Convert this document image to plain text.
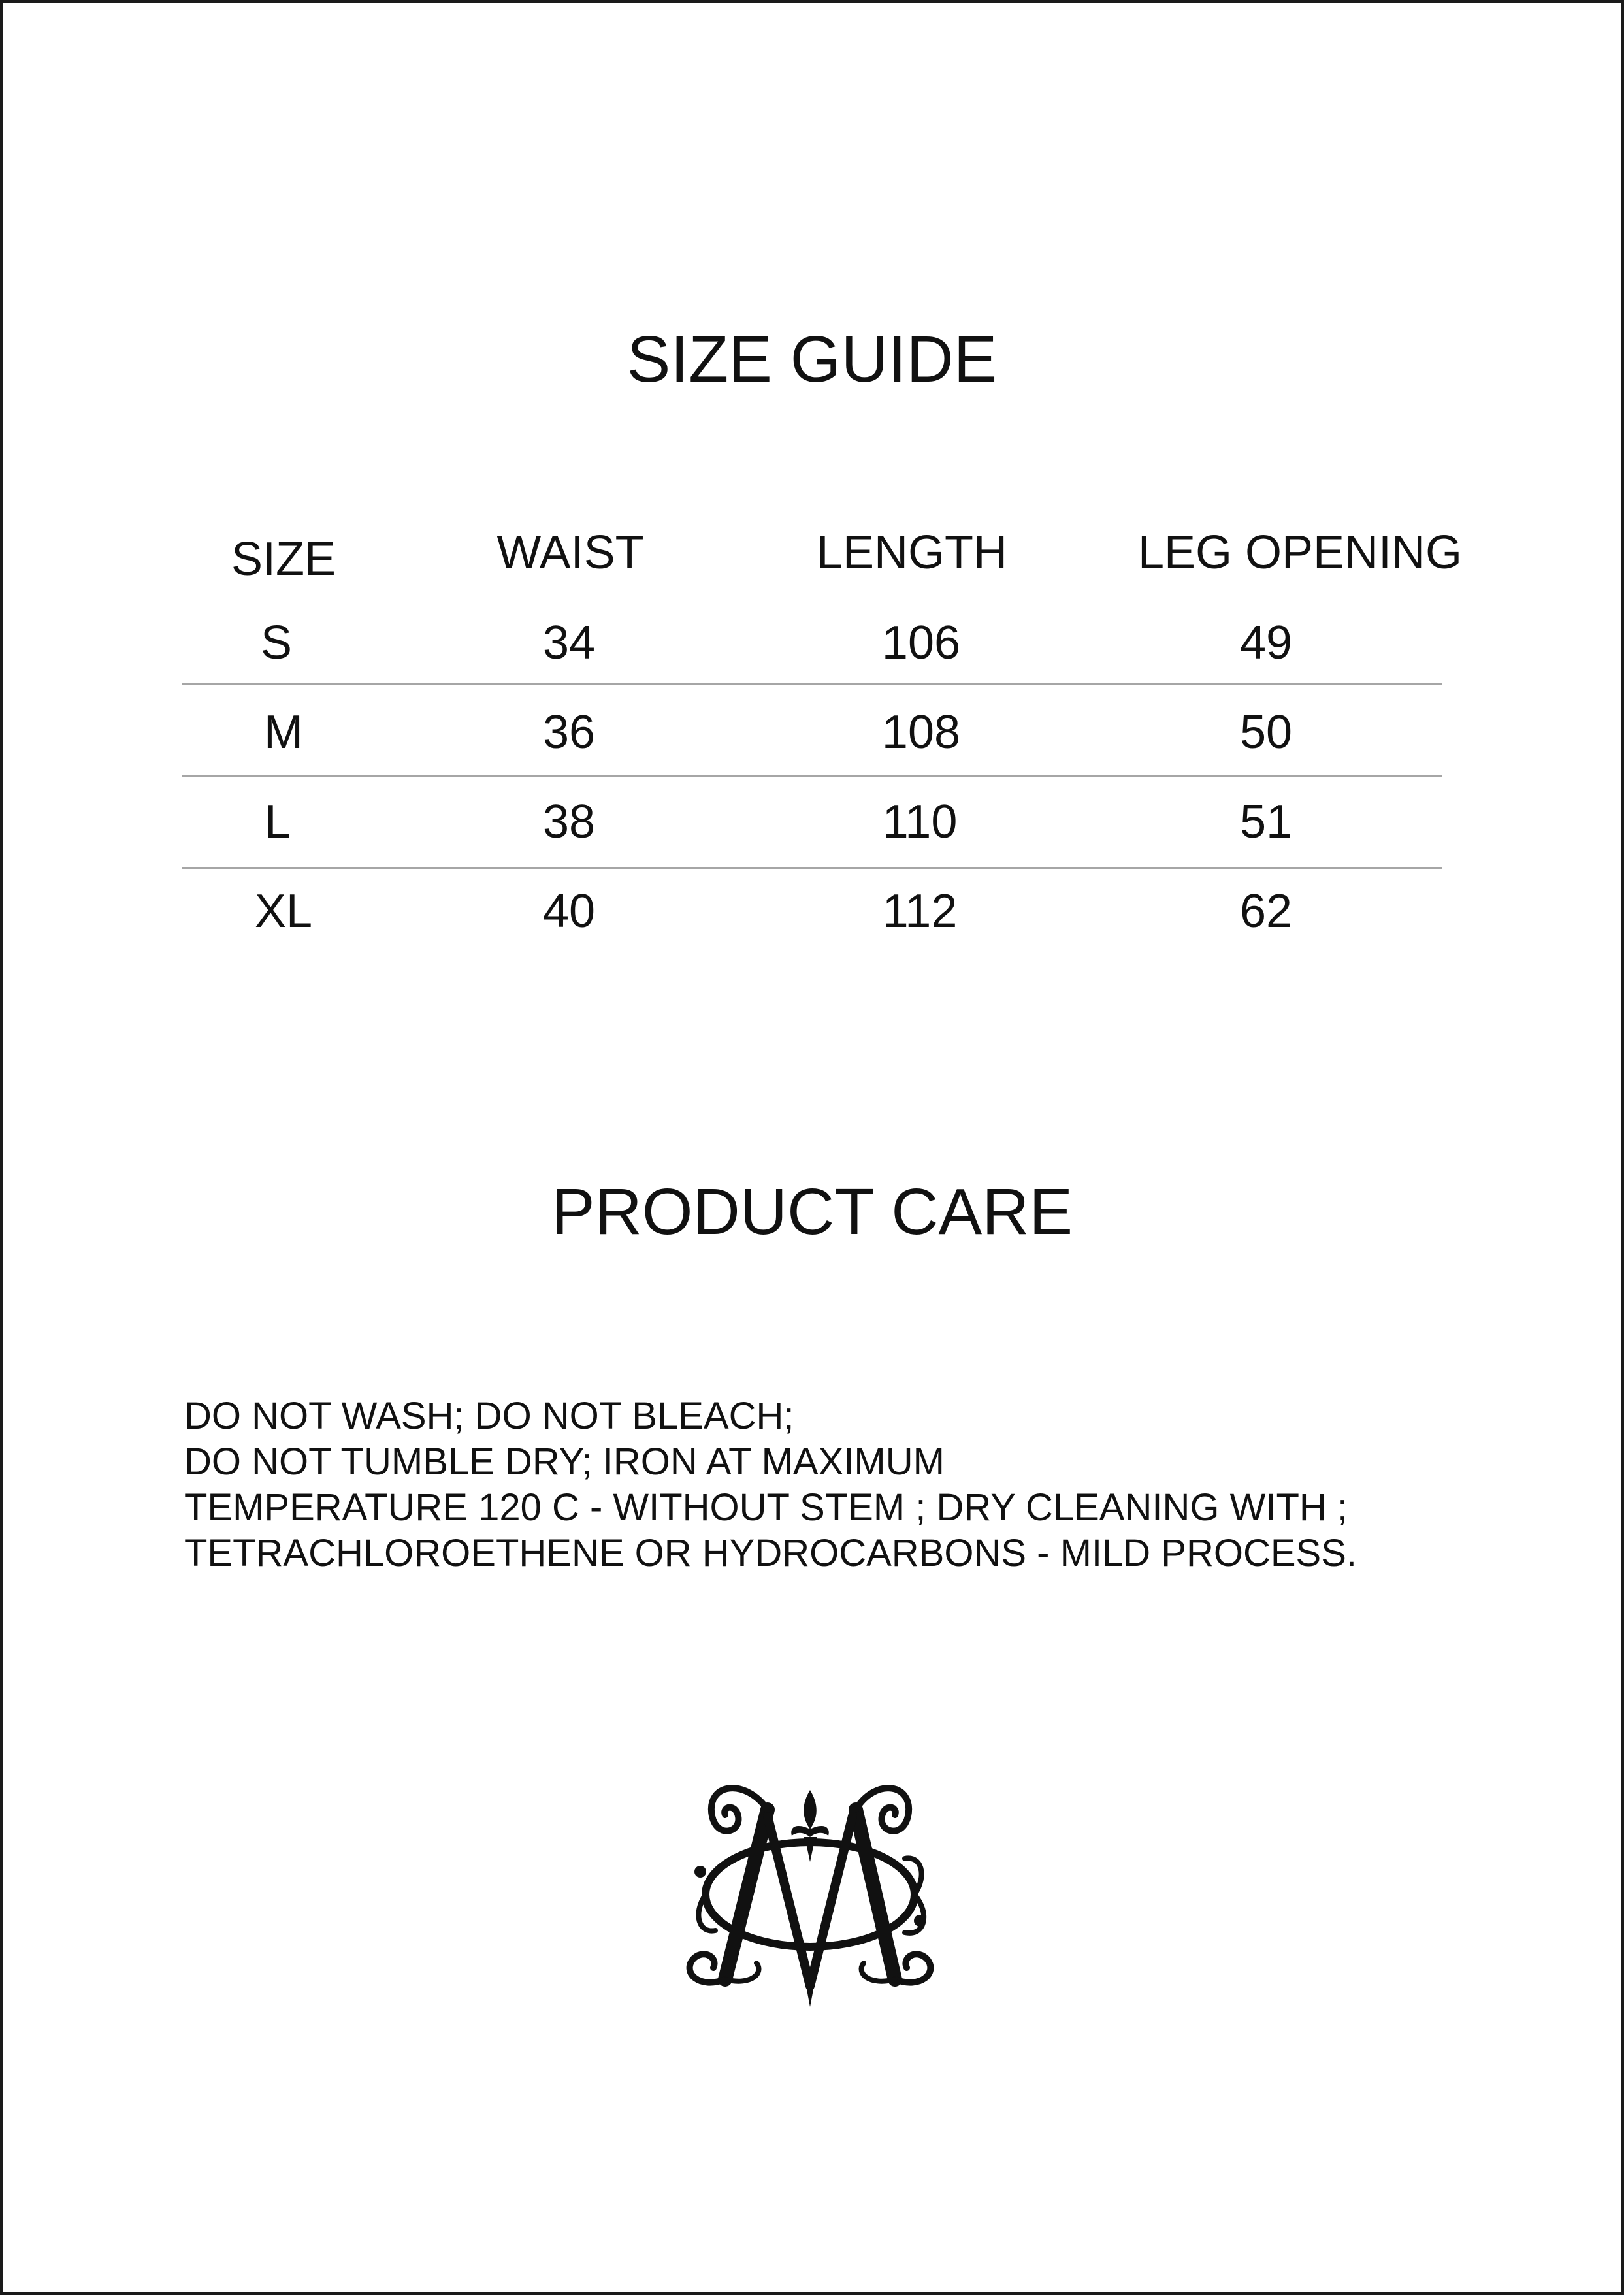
SIZE GUIDE
SIZE	WAIST	LENGTH	LEG OPENING
S	34	106	49
M	36	108	50
L	38	110	51
XL	40	112	62
PRODUCT CARE
DO NOT WASH; DO NOT BLEACH;
DO NOT TUMBLE DRY; IRON AT MAXIMUM
TEMPERATURE 120 C - WITHOUT STEM ; DRY CLEANING WITH ;
TETRACHLOROETHENE OR HYDROCARBONS - MILD PROCESS.
